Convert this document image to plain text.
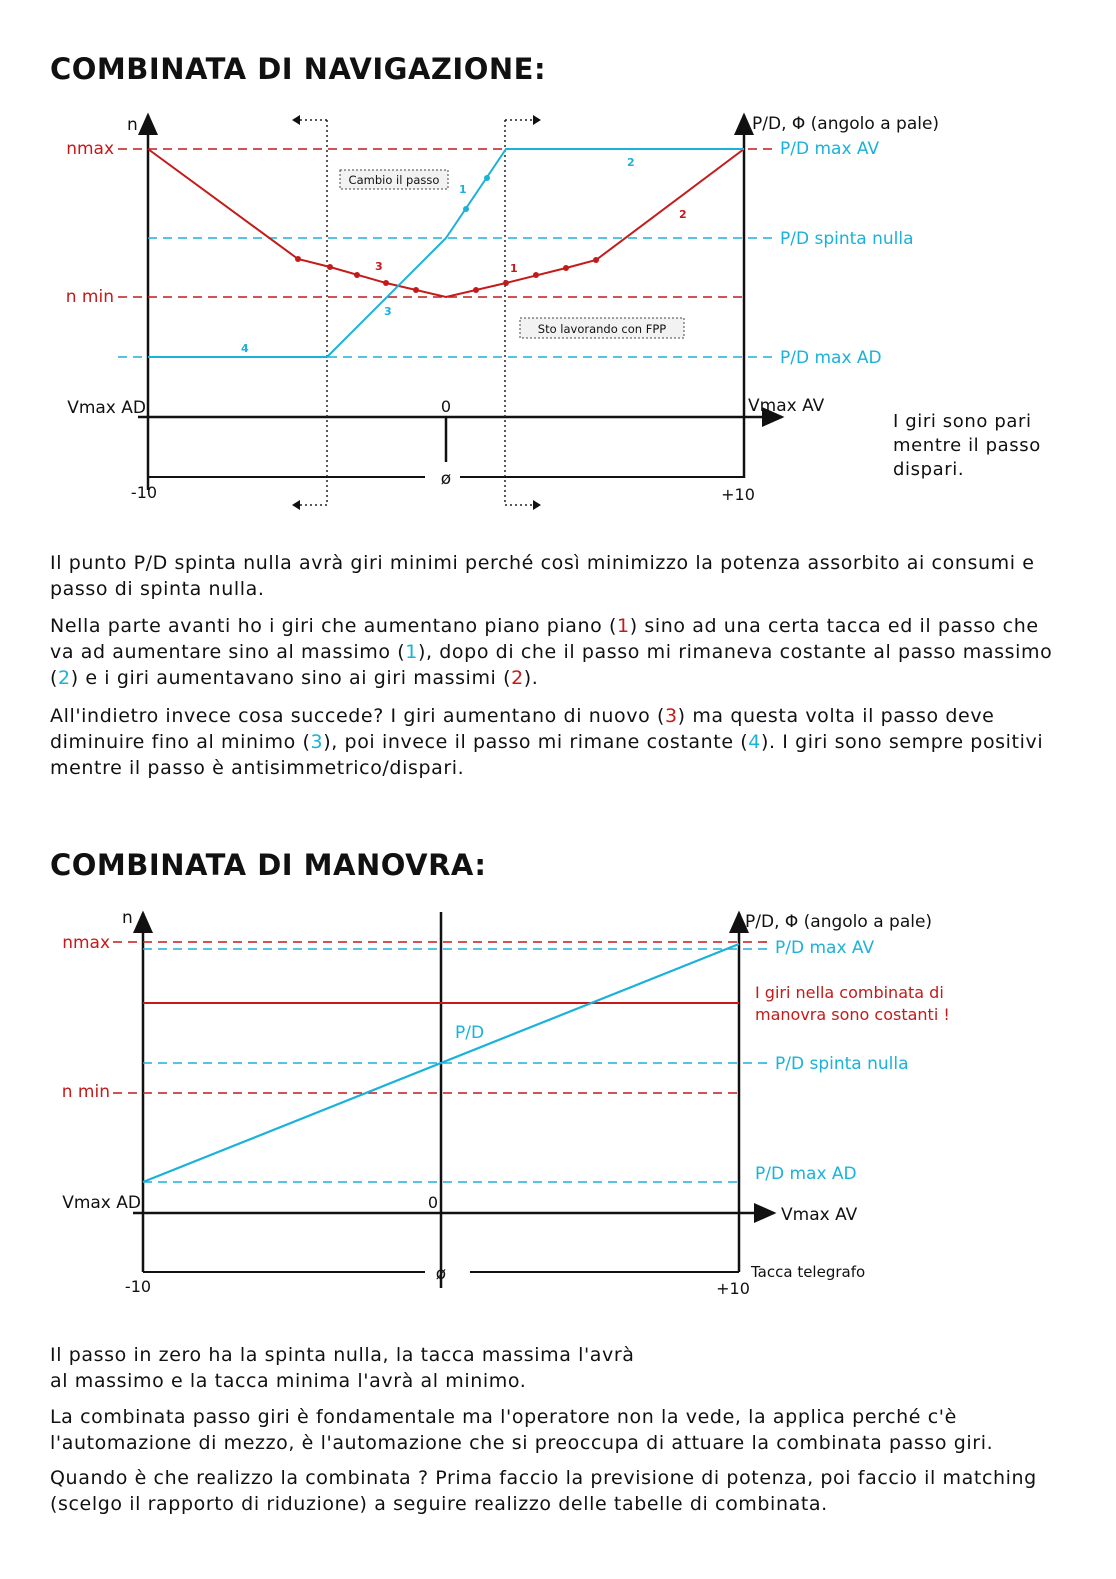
COMBINATA DI NAVIGAZIONE:
3	1
2
1
2
3
4
Cambio il passo
Sto lavorando con FPP
n	P/D, Φ (angolo a pale)
nmax
n min
P/D max AV
P/D spinta nulla
P/D max AD
Vmax AD	Vmax AV
0
-10	+10
ø

I giri sono pari mentre il passo dispari.

Il punto P/D spinta nulla avrà giri minimi perché così minimizzo la potenza assorbito ai consumi e passo di spinta nulla.

Nella parte avanti ho i giri che aumentano piano piano (1) sino ad una certa tacca ed il passo che va ad aumentare sino al massimo (1), dopo di che il passo mi rimaneva costante al passo massimo (2) e i giri aumentavano sino ai giri massimi (2).

All'indietro invece cosa succede? I giri aumentano di nuovo (3) ma questa volta il passo deve diminuire fino al minimo (3), poi invece il passo mi rimane costante (4). I giri sono sempre positivi mentre il passo è antisimmetrico/dispari.

COMBINATA DI MANOVRA:
n	P/D, Φ (angolo a pale)
nmax
n min
P/D max AV
P/D spinta nulla
P/D max AD
P/D
I giri nella combinata di
manovra sono costanti !
Vmax AD
Vmax AV
0
-10	+10
ø	Tacca telegrafo

Il passo in zero ha la spinta nulla, la tacca massima l'avrà al massimo e la tacca minima l'avrà al minimo.

La combinata passo giri è fondamentale ma l'operatore non la vede, la applica perché c'è l'automazione di mezzo, è l'automazione che si preoccupa di attuare la combinata passo giri.

Quando è che realizzo la combinata ? Prima faccio la previsione di potenza, poi faccio il matching (scelgo il rapporto di riduzione) a seguire realizzo delle tabelle di combinata.
